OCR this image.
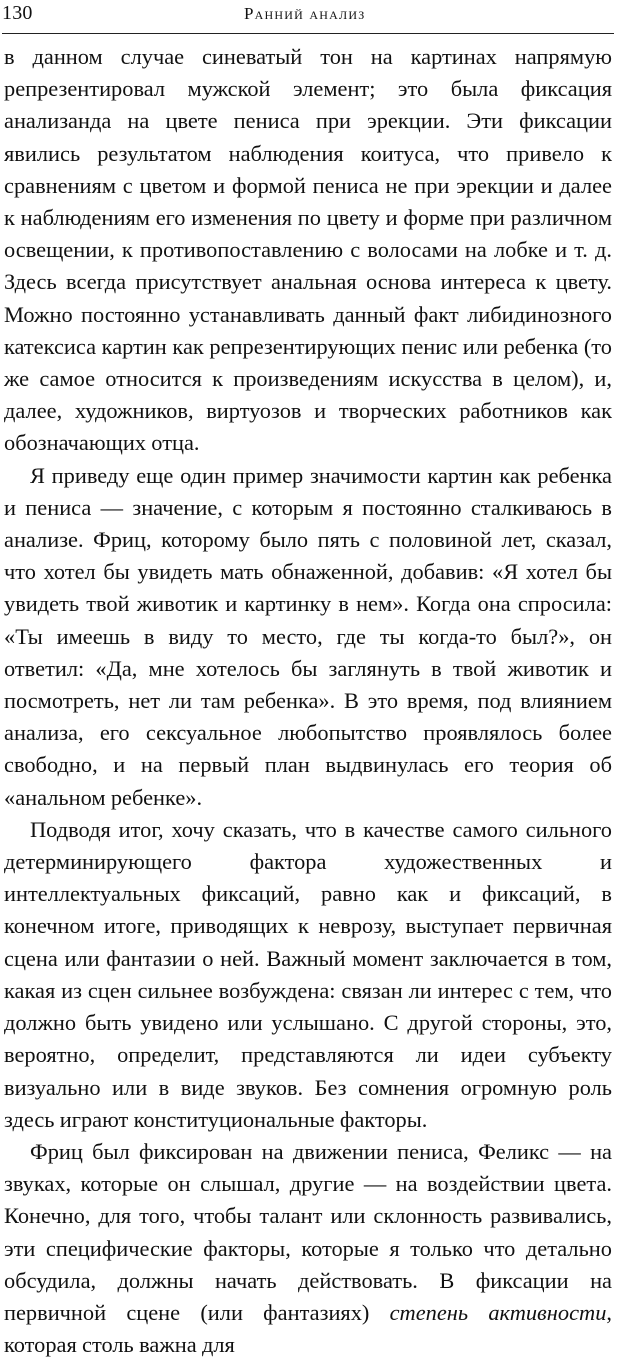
130	Ранний анализ

в данном случае синеватый тон на картинах напрямую репрезентировал мужской элемент; это была фиксация анализанда на цвете пениса при эрекции. Эти фиксации явились результатом наблюдения коитуса, что привело к сравнениям с цветом и формой пениса не при эрекции и далее к наблюдениям его изменения по цвету и форме при различном освещении, к противопоставлению с волосами на лобке и т. д. Здесь всегда присутствует анальная основа интереса к цвету. Можно постоянно устанавливать данный факт либидинозного катексиса картин как репрезентирующих пенис или ребенка (то же самое относится к произведениям искусства в целом), и, далее, художников, виртуозов и творческих работников как обозначающих отца.

Я приведу еще один пример значимости картин как ребенка и пениса — значение, с которым я постоянно сталкиваюсь в анализе. Фриц, которому было пять с половиной лет, сказал, что хотел бы увидеть мать обнаженной, добавив: «Я хотел бы увидеть твой животик и картинку в нем». Когда она спросила: «Ты имеешь в виду то место, где ты когда-то был?», он ответил: «Да, мне хотелось бы заглянуть в твой животик и посмотреть, нет ли там ребенка». В это время, под влиянием анализа, его сексуальное любопытство проявлялось более свободно, и на первый план выдвинулась его теория об «анальном ребенке».

Подводя итог, хочу сказать, что в качестве самого сильного детерминирующего фактора художественных и интеллектуальных фиксаций, равно как и фиксаций, в конечном итоге, приводящих к неврозу, выступает первичная сцена или фантазии о ней. Важный момент заключается в том, какая из сцен сильнее возбуждена: связан ли интерес с тем, что должно быть увидено или услышано. С другой стороны, это, вероятно, определит, представляются ли идеи субъекту визуально или в виде звуков. Без сомнения огромную роль здесь играют конституциональные факторы.

Фриц был фиксирован на движении пениса, Феликс — на звуках, которые он слышал, другие — на воздействии цвета. Конечно, для того, чтобы талант или склонность развивались, эти специфические факторы, которые я только что детально обсудила, должны начать действовать. В фиксации на первичной сцене (или фантазиях) степень активности, которая столь важна для
